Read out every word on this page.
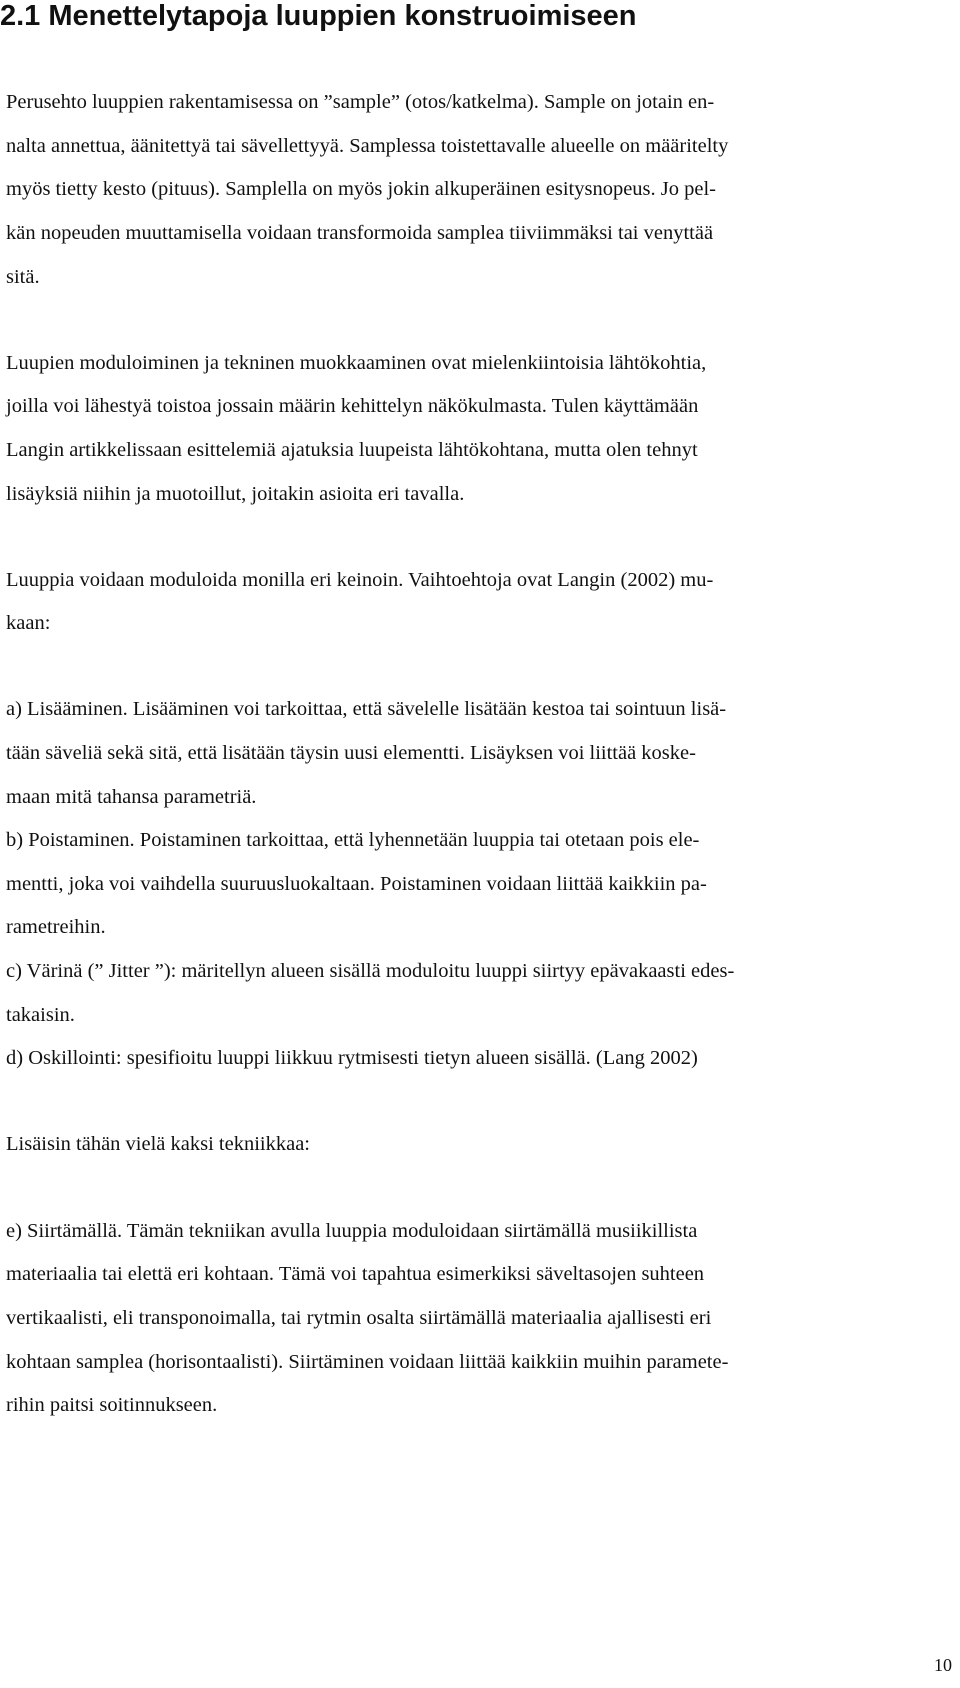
2.1 Menettelytapoja luuppien konstruoimiseen

Perusehto luuppien rakentamisessa on ”sample” (otos/katkelma). Sample on jotain en-

nalta annettua, äänitettyä tai sävellettyyä. Samplessa toistettavalle alueelle on määritelty

myös tietty kesto (pituus). Samplella on myös jokin alkuperäinen esitysnopeus. Jo pel-

kän nopeuden muuttamisella voidaan transformoida samplea tiiviimmäksi tai venyttää

sitä.

Luupien moduloiminen ja tekninen muokkaaminen ovat mielenkiintoisia lähtökohtia,

joilla voi lähestyä toistoa jossain määrin kehittelyn näkökulmasta. Tulen käyttämään

Langin artikkelissaan esittelemiä ajatuksia luupeista lähtökohtana, mutta olen tehnyt

lisäyksiä niihin ja muotoillut, joitakin asioita eri tavalla.

Luuppia voidaan moduloida monilla eri keinoin. Vaihtoehtoja ovat Langin (2002) mu-

kaan:

a) Lisääminen. Lisääminen voi tarkoittaa, että sävelelle lisätään kestoa tai sointuun lisä-

tään säveliä sekä sitä, että lisätään täysin uusi elementti. Lisäyksen voi liittää koske-

maan mitä tahansa parametriä.

b) Poistaminen. Poistaminen tarkoittaa, että lyhennetään luuppia tai otetaan pois ele-

mentti, joka voi vaihdella suuruusluokaltaan. Poistaminen voidaan liittää kaikkiin pa-

rametreihin.

c) Värinä (” Jitter ”): märitellyn alueen sisällä moduloitu luuppi siirtyy epävakaasti edes-

takaisin.

d) Oskillointi: spesifioitu luuppi liikkuu rytmisesti tietyn alueen sisällä. (Lang 2002)

Lisäisin tähän vielä kaksi tekniikkaa:

e) Siirtämällä. Tämän tekniikan avulla luuppia moduloidaan siirtämällä musiikillista

materiaalia tai elettä eri kohtaan. Tämä voi tapahtua esimerkiksi säveltasojen suhteen

vertikaalisti, eli transponoimalla, tai rytmin osalta siirtämällä materiaalia ajallisesti eri

kohtaan samplea (horisontaalisti). Siirtäminen voidaan liittää kaikkiin muihin paramete-

rihin paitsi soitinnukseen.

10
